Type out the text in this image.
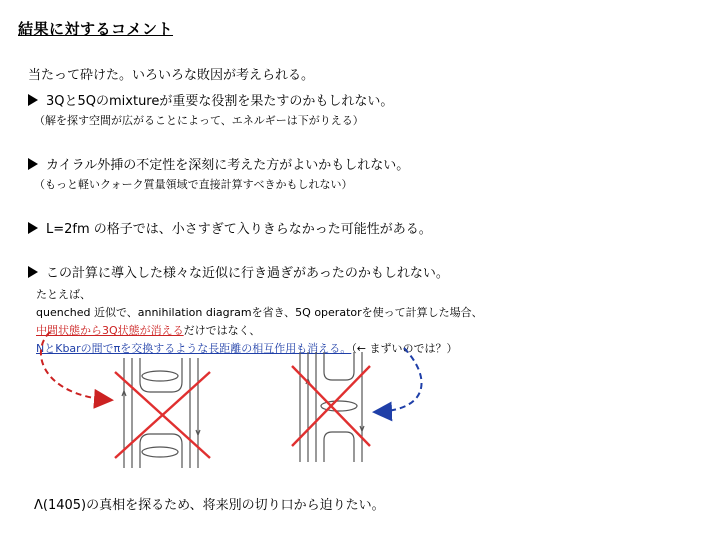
結果に対するコメント
当たって砕けた。いろいろな敗因が考えられる。
3Qと5Qのmixtureが重要な役割を果たすのかもしれない。
（解を探す空間が広がることによって、エネルギーは下がりえる）
カイラル外挿の不定性を深刻に考えた方がよいかもしれない。
（もっと軽いクォーク質量領域で直接計算すべきかもしれない）
L=2fm の格子では、小さすぎて入りきらなかった可能性がある。
この計算に導入した様々な近似に行き過ぎがあったのかもしれない。
たとえば、
quenched 近似で、annihilation diagramを省き、5Q operatorを使って計算した場合、
中間状態から3Q状態が消えるだけではなく、
NとKbarの間でπを交換するような長距離の相互作用も消える。（← まずいのでは？）
Λ(1405)の真相を探るため、将来別の切り口から迫りたい。
